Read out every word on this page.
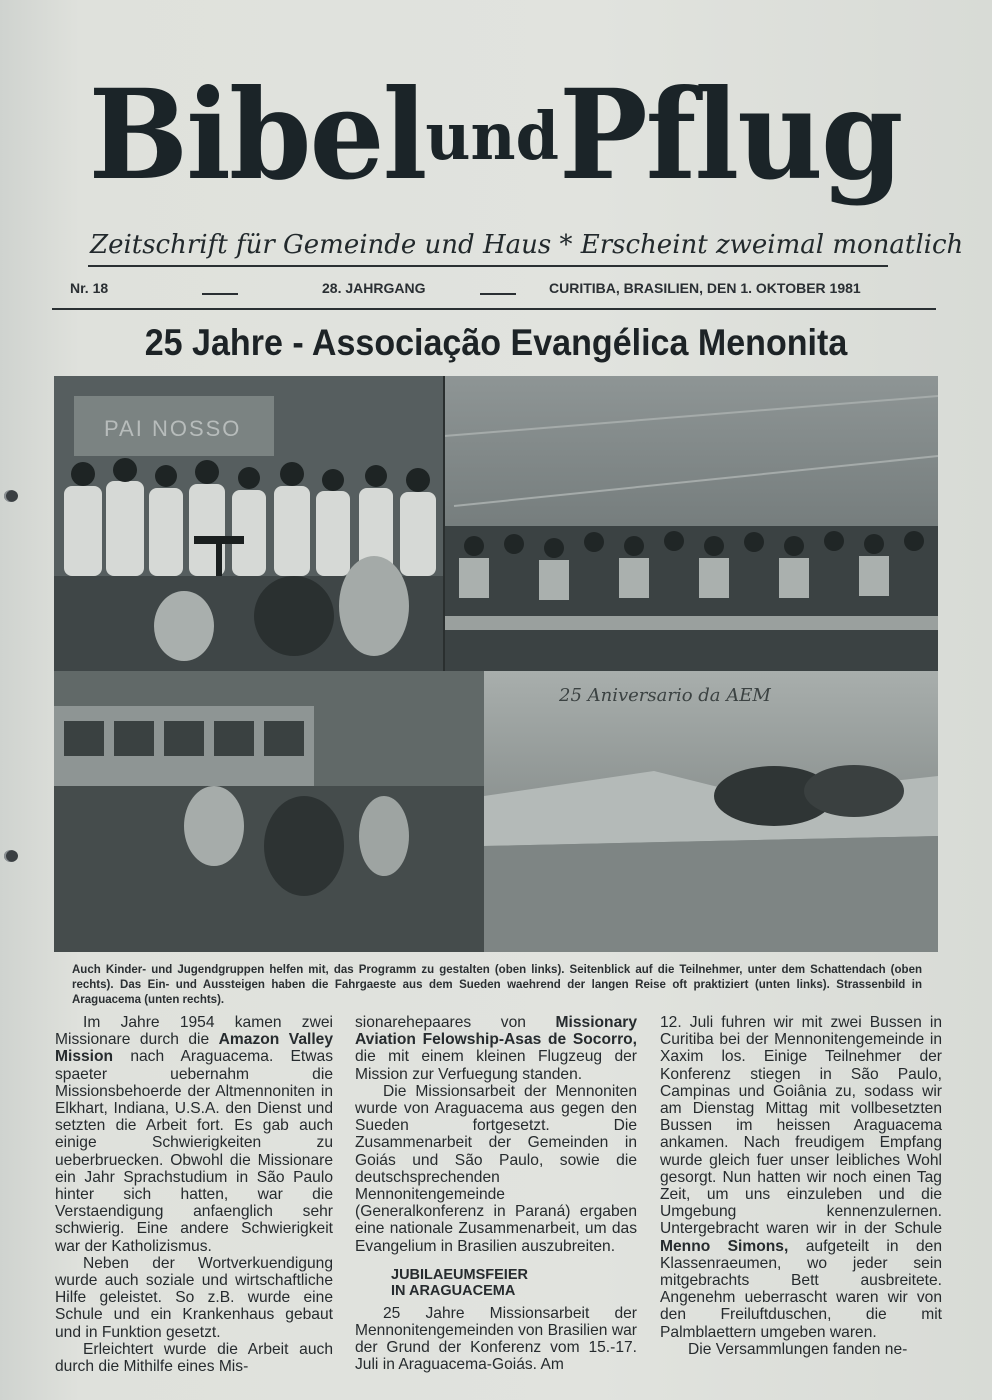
BibelundPflug
Zeitschrift für Gemeinde und Haus * Erscheint zweimal monatlich
Nr. 18	28. JAHRGANG	CURITIBA, BRASILIEN, DEN 1. OKTOBER 1981
25 Jahre - Associação Evangélica Menonita
PAI NOSSO
25 Aniversario da AEM
Auch Kinder- und Jugendgruppen helfen mit, das Programm zu gestalten (oben links). Seitenblick auf die Teilnehmer, unter dem Schattendach (oben rechts). Das Ein- und Aussteigen haben die Fahrgaeste aus dem Sueden waehrend der langen Reise oft praktiziert (unten links). Strassenbild in Araguacema (unten rechts).

Im Jahre 1954 kamen zwei Missionare durch die Amazon Valley Mission nach Araguacema. Etwas spaeter uebernahm die Missionsbehoerde der Altmennoniten in Elkhart, Indiana, U.S.A. den Dienst und setzten die Arbeit fort. Es gab auch einige Schwierigkeiten zu ueberbruecken. Obwohl die Missionare ein Jahr Sprachstudium in São Paulo hinter sich hatten, war die Verstaendigung anfaenglich sehr schwierig. Eine andere Schwierigkeit war der Katholizismus.

Neben der Wortverkuendigung wurde auch soziale und wirtschaftliche Hilfe geleistet. So z.B. wurde eine Schule und ein Krankenhaus gebaut und in Funktion gesetzt.

Erleichtert wurde die Arbeit auch durch die Mithilfe eines Mis-

sionarehepaares von Missionary Aviation Felowship-Asas de Socorro, die mit einem kleinen Flugzeug der Mission zur Verfuegung standen.

Die Missionsarbeit der Mennoniten wurde von Araguacema aus gegen den Sueden fortgesetzt. Die Zusammenarbeit der Gemeinden in Goiás und São Paulo, sowie die deutschsprechenden Mennonitengemeinde (Generalkonferenz in Paraná) ergaben eine nationale Zusammenarbeit, um das Evangelium in Brasilien auszubreiten.

JUBILAEUMSFEIER
IN ARAGUACEMA

25 Jahre Missionsarbeit der Mennonitengemeinden von Brasilien war der Grund der Konferenz vom 15.-17. Juli in Araguacema-Goiás. Am

12. Juli fuhren wir mit zwei Bussen in Curitiba bei der Mennonitengemeinde in Xaxim los. Einige Teilnehmer der Konferenz stiegen in São Paulo, Campinas und Goiânia zu, sodass wir am Dienstag Mittag mit vollbesetzten Bussen im heissen Araguacema ankamen. Nach freudigem Empfang wurde gleich fuer unser leibliches Wohl gesorgt. Nun hatten wir noch einen Tag Zeit, um uns einzuleben und die Umgebung kennenzulernen. Untergebracht waren wir in der Schule Menno Simons, aufgeteilt in den Klassenraeumen, wo jeder sein mitgebrachts Bett ausbreitete. Angenehm ueberrascht waren wir von den Freiluftduschen, die mit Palmblaettern umgeben waren.

Die Versammlungen fanden ne-
